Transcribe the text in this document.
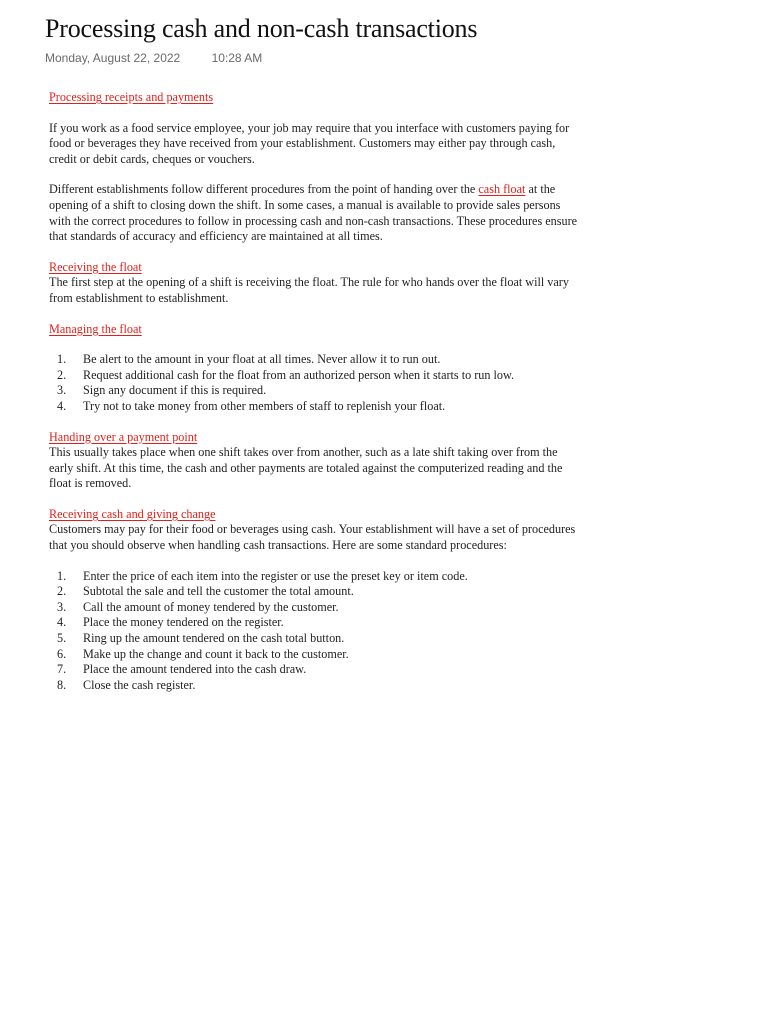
Processing cash and non-cash transactions
Monday, August 22, 2022	10:28 AM

Processing receipts and payments

If you work as a food service employee, your job may require that you interface with customers paying for food or beverages they have received from your establishment. Customers may either pay through cash, credit or debit cards, cheques or vouchers.

Different establishments follow different procedures from the point of handing over the cash float at the opening of a shift to closing down the shift. In some cases, a manual is available to provide sales persons with the correct procedures to follow in processing cash and non-cash transactions. These procedures ensure that standards of accuracy and efficiency are maintained at all times.

Receiving the float

The first step at the opening of a shift is receiving the float. The rule for who hands over the float will vary from establishment to establishment.

Managing the float

1. Be alert to the amount in your float at all times. Never allow it to run out.
2. Request additional cash for the float from an authorized person when it starts to run low.
3. Sign any document if this is required.
4. Try not to take money from other members of staff to replenish your float.

Handing over a payment point

This usually takes place when one shift takes over from another, such as a late shift taking over from the early shift. At this time, the cash and other payments are totaled against the computerized reading and the float is removed.

Receiving cash and giving change

Customers may pay for their food or beverages using cash. Your establishment will have a set of procedures that you should observe when handling cash transactions. Here are some standard procedures:

1. Enter the price of each item into the register or use the preset key or item code.
2. Subtotal the sale and tell the customer the total amount.
3. Call the amount of money tendered by the customer.
4. Place the money tendered on the register.
5. Ring up the amount tendered on the cash total button.
6. Make up the change and count it back to the customer.
7. Place the amount tendered into the cash draw.
8. Close the cash register.
